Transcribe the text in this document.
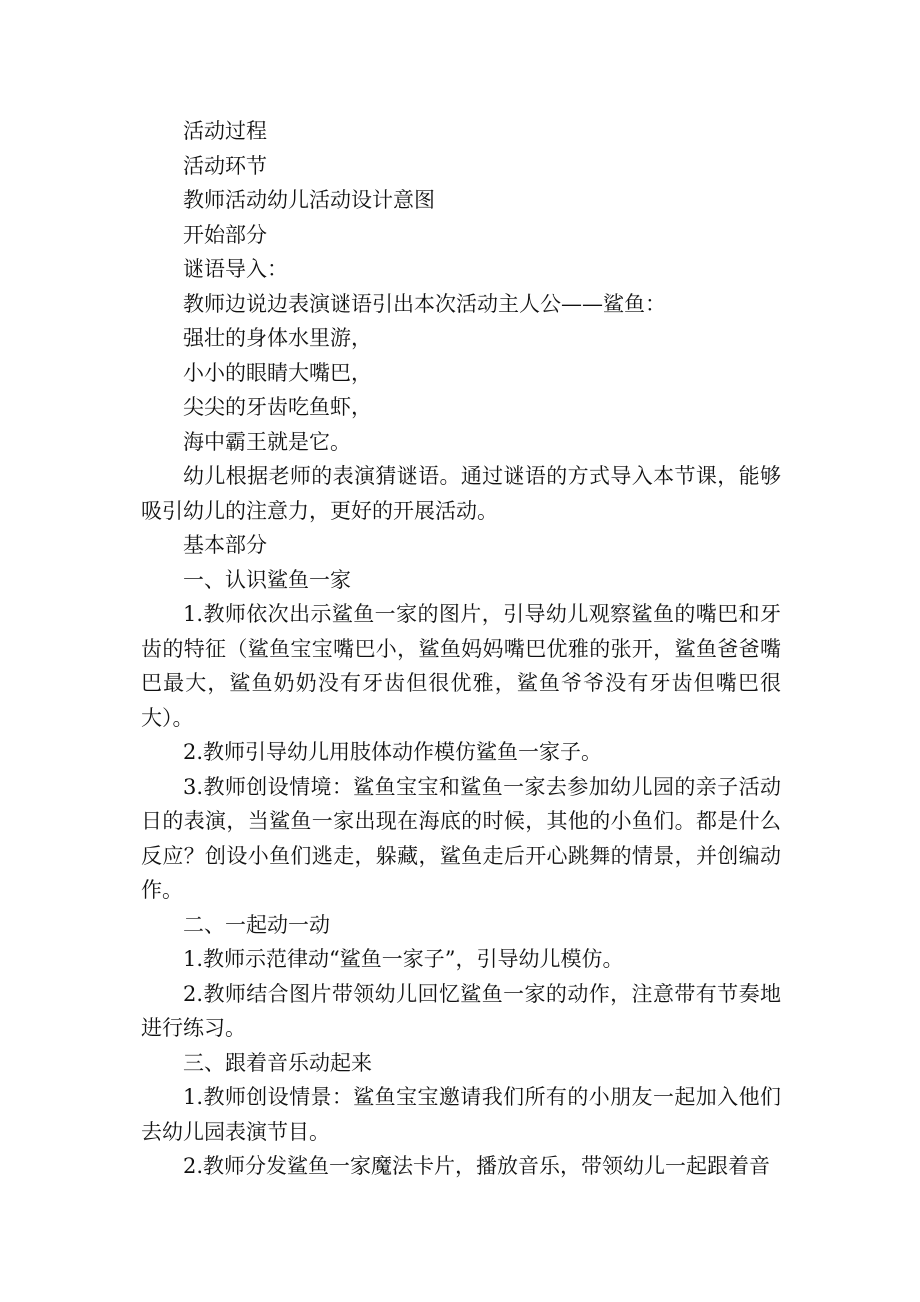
活动过程

活动环节

教师活动幼儿活动设计意图

开始部分

谜语导入：

教师边说边表演谜语引出本次活动主人公——鲨鱼：

强壮的身体水里游，

小小的眼睛大嘴巴，

尖尖的牙齿吃鱼虾，

海中霸王就是它。

幼儿根据老师的表演猜谜语。通过谜语的方式导入本节课，能够吸引幼儿的注意力，更好的开展活动。

基本部分

一、认识鲨鱼一家

1.教师依次出示鲨鱼一家的图片，引导幼儿观察鲨鱼的嘴巴和牙齿的特征（鲨鱼宝宝嘴巴小，鲨鱼妈妈嘴巴优雅的张开，鲨鱼爸爸嘴巴最大，鲨鱼奶奶没有牙齿但很优雅，鲨鱼爷爷没有牙齿但嘴巴很大）。

2.教师引导幼儿用肢体动作模仿鲨鱼一家子。

3.教师创设情境：鲨鱼宝宝和鲨鱼一家去参加幼儿园的亲子活动日的表演，当鲨鱼一家出现在海底的时候，其他的小鱼们。都是什么反应？创设小鱼们逃走，躲藏，鲨鱼走后开心跳舞的情景，并创编动作。

二、一起动一动

1.教师示范律动“鲨鱼一家子”，引导幼儿模仿。

2.教师结合图片带领幼儿回忆鲨鱼一家的动作，注意带有节奏地进行练习。

三、跟着音乐动起来

1.教师创设情景：鲨鱼宝宝邀请我们所有的小朋友一起加入他们去幼儿园表演节目。

2.教师分发鲨鱼一家魔法卡片，播放音乐，带领幼儿一起跟着音
